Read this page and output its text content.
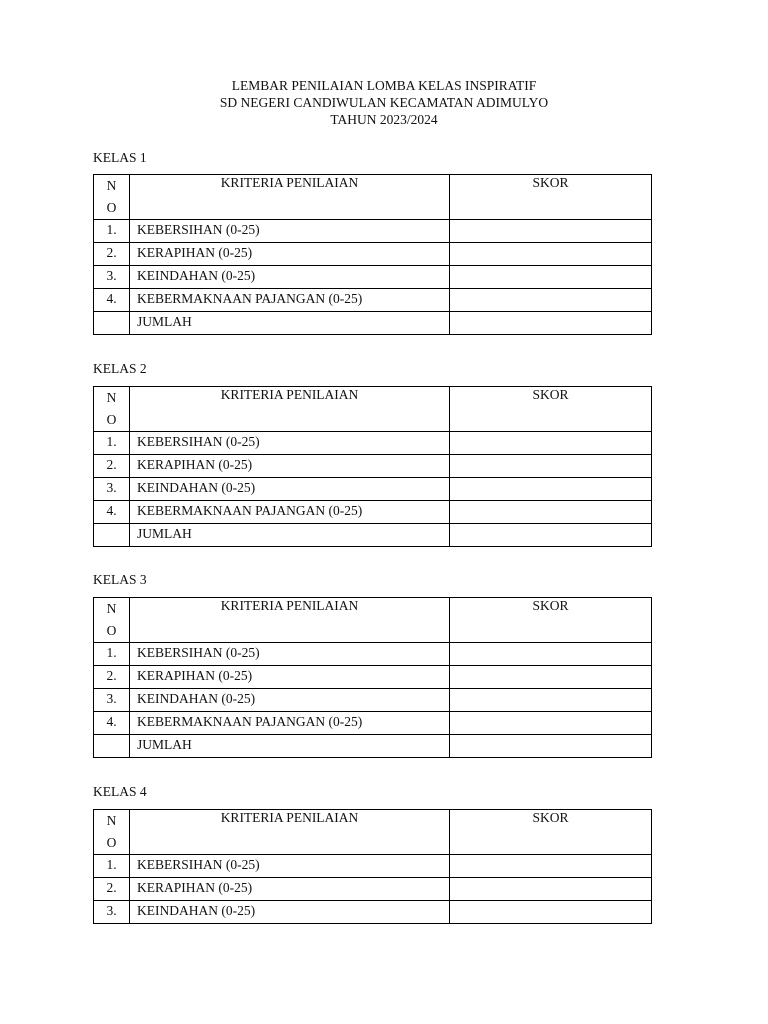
LEMBAR PENILAIAN LOMBA KELAS INSPIRATIF
SD NEGERI CANDIWULAN KECAMATAN ADIMULYO
TAHUN 2023/2024
KELAS 1
N
O	KRITERIA PENILAIAN	SKOR
1.	KEBERSIHAN (0-25)	
2.	KERAPIHAN (0-25)	
3.	KEINDAHAN (0-25)	
4.	KEBERMAKNAAN PAJANGAN (0-25)	
	JUMLAH	
KELAS 2
N
O	KRITERIA PENILAIAN	SKOR
1.	KEBERSIHAN (0-25)	
2.	KERAPIHAN (0-25)	
3.	KEINDAHAN (0-25)	
4.	KEBERMAKNAAN PAJANGAN (0-25)	
	JUMLAH	
KELAS 3
N
O	KRITERIA PENILAIAN	SKOR
1.	KEBERSIHAN (0-25)	
2.	KERAPIHAN (0-25)	
3.	KEINDAHAN (0-25)	
4.	KEBERMAKNAAN PAJANGAN (0-25)	
	JUMLAH	
KELAS 4
N
O	KRITERIA PENILAIAN	SKOR
1.	KEBERSIHAN (0-25)	
2.	KERAPIHAN (0-25)	
3.	KEINDAHAN (0-25)	
